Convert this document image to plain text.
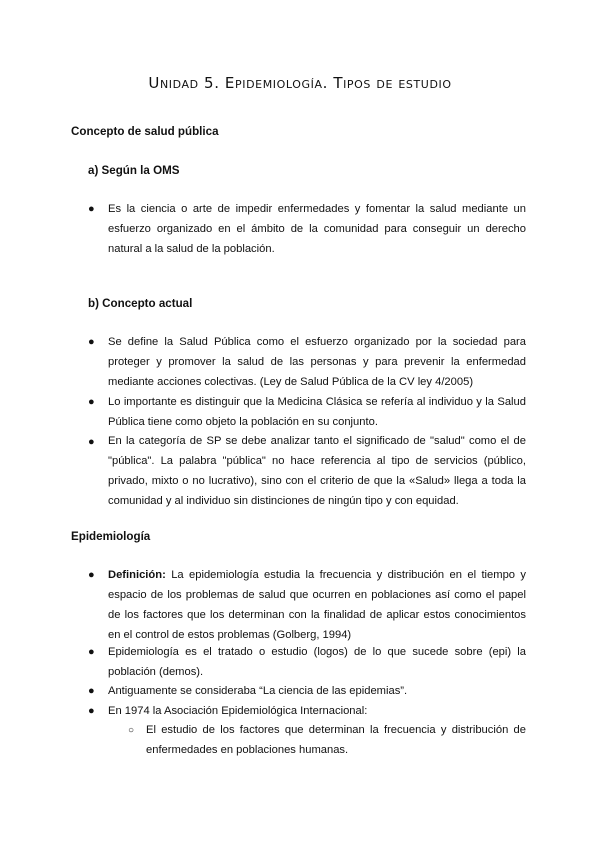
Unidad 5. Epidemiología. Tipos de estudio
Concepto de salud pública
a) Según la OMS
● Es la ciencia o arte de impedir enfermedades y fomentar la salud mediante un esfuerzo organizado en el ámbito de la comunidad para conseguir un derecho natural a la salud de la población.
b) Concepto actual
● Se define la Salud Pública como el esfuerzo organizado por la sociedad para proteger y promover la salud de las personas y para prevenir la enfermedad mediante acciones colectivas. (Ley de Salud Pública de la CV ley 4/2005)
● Lo importante es distinguir que la Medicina Clásica se refería al individuo y la Salud Pública tiene como objeto la población en su conjunto.
● En la categoría de SP se debe analizar tanto el significado de "salud" como el de "pública". La palabra "pública" no hace referencia al tipo de servicios (público, privado, mixto o no lucrativo), sino con el criterio de que la «Salud» llega a toda la comunidad y al individuo sin distinciones de ningún tipo y con equidad.
Epidemiología
● Definición: La epidemiología estudia la frecuencia y distribución en el tiempo y espacio de los problemas de salud que ocurren en poblaciones así como el papel de los factores que los determinan con la finalidad de aplicar estos conocimientos en el control de estos problemas (Golberg, 1994)
● Epidemiología es el tratado o estudio (logos) de lo que sucede sobre (epi) la población (demos).
● Antiguamente se consideraba “La ciencia de las epidemias”.
● En 1974 la Asociación Epidemiológica Internacional:
○ El estudio de los factores que determinan la frecuencia y distribución de enfermedades en poblaciones humanas.
